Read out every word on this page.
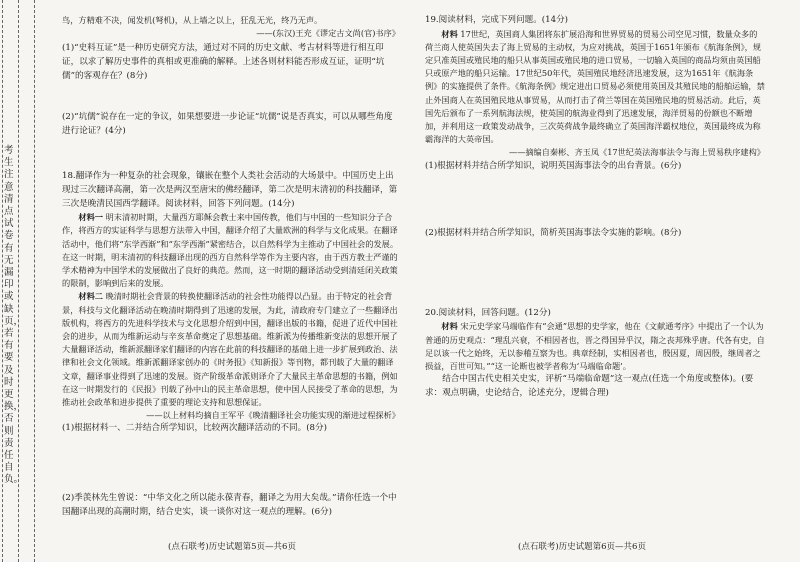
考生注意清点试卷有无漏印或缺页，若有要及时更换，否则责任自负。

鸟，方精难不决，闻发机(弩机)，从上墙之以上，狂乱无光，终乃无声。

——(东汉)王充《谬定古文尚(官)书序》

(1)“史料互证”是一种历史研究方法，通过对不同的历史文献、考古材料等进行相互印证，以求了解历史事件的真相或更准确的解释。上述各则材料能否形成互证，证明“坑儒”的客观存在？(8分)

(2)“坑儒”说存在一定的争议，如果想要进一步论证“坑儒”说是否真实，可以从哪些角度进行论证？(4分)

18.翻译作为一种复杂的社会现象，镶嵌在整个人类社会活动的大场景中。中国历史上出现过三次翻译高潮，第一次是两汉至唐宋的佛经翻译，第二次是明末清初的科技翻译，第三次是晚清民国西学翻译。阅读材料，回答下列问题。(14分)

材料一 明末清初时期，大量西方耶稣会教士来中国传教，他们与中国的一些知识分子合作，将西方的实证科学与思想方法带入中国，翻译介绍了大量欧洲的科学与文化成果。在翻译活动中，他们将“东学西渐”和“东学西渐”紧密结合，以自然科学为主推动了中国社会的发展。在这一时期，明末清初的科技翻译出现的西方自然科学等作为主要内容，由于西方教士严谨的学术精神为中国学术的发展做出了良好的典范。然而，这一时期的翻译活动受到清廷闭关政策的限制，影响到后来的发展。

材料二 晚清时期社会背景的转换使翻译活动的社会性功能得以凸显。由于特定的社会背景，科技与文化翻译活动在晚清时期得到了迅速的发展，为此，清政府专门建立了一些翻译出版机构，将西方的先进科学技术与文化思想介绍到中国，翻译出版的书籍，促进了近代中国社会的进步，从而为维新运动与辛亥革命奠定了思想基础。维新派为传播维新变法的思想开展了大量翻译活动，维新派翻译家们翻译的内容在此前的科技翻译的基础上进一步扩展到政治、法律和社会文化领域。维新派翻译家创办的《时务报》《知新报》等刊物，都刊载了大量的翻译文章，翻译事业得到了迅速的发展。资产阶级革命派则译介了大量民主革命思想的书籍，例如在这一时期发行的《民报》刊载了孙中山的民主革命思想，使中国人民接受了革命的思想，为推动社会政革和进步提供了重要的理论支持和思想保证。

——以上材料均摘自王军平《晚清翻译社会功能实现的渐进过程探析》

(1)根据材料一、二并结合所学知识，比较两次翻译活动的不同。(8分)

(2)季羡林先生曾说：“中华文化之所以能永葆青春，翻译之为用大矣哉。”请你任选一个中国翻译出现的高潮时期，结合史实，谈一谈你对这一观点的理解。(6分)

19.阅读材料，完成下列问题。(14分)

材料 17世纪，英国商人集团将东扩展沿海和世界贸易的贸易公司空见习惯，数量众多的荷兰商人使英国失去了海上贸易的主动权，为应对挑战，英国于1651年颁布《航海条例》，规定只准英国或殖民地的船只从事英国或殖民地的进口贸易，一切输入英国的商品均须由英国船只或原产地的船只运输。17世纪50年代，英国殖民地经济迅速发展，这为1651年《航海条例》的实施提供了条件。《航海条例》规定进出口贸易必须使用英国及其殖民地的船舶运输，禁止外国商人在英国殖民地从事贸易，从而打击了荷兰等国在英国殖民地的贸易活动。此后，英国先后颁布了一系列航海法规，使英国的航海业得到了迅速发展，海洋贸易的份额也不断增加，并利用这一政策发动战争，三次英荷战争最终确立了英国海洋霸权地位，英国最终成为称霸海洋的大英帝国。

——摘编自秦彬、齐玉凤《17世纪英法海事法令与海上贸易秩序建构》

(1)根据材料并结合所学知识，说明英国海事法令的出台背景。(6分)

(2)根据材料并结合所学知识，简析英国海事法令实施的影响。(8分)

20.阅读材料，回答问题。(12分)

材料 宋元史学家马端临作有“会通”思想的史学家，他在《文献通考序》中提出了一个认为普通的历史观点：“理乱兴衰，不相因者也，晋之得国异乎汉，隋之丧邦殊乎唐。代各有史，自足以该一代之始终，无以参稽互察为也。典章经制，实相因者也，殷因夏，周因殷，继周者之损益，百世可知。”“这一论断也被学者称为‘马端临命题’。

结合中国古代史相关史实，评析“马端临命题”这一观点(任选一个角度或整体)。(要求：观点明确，史论结合，论述充分，逻辑合理)

(点石联考)历史试题第5页—共6页	(点石联考)历史试题第6页—共6页
